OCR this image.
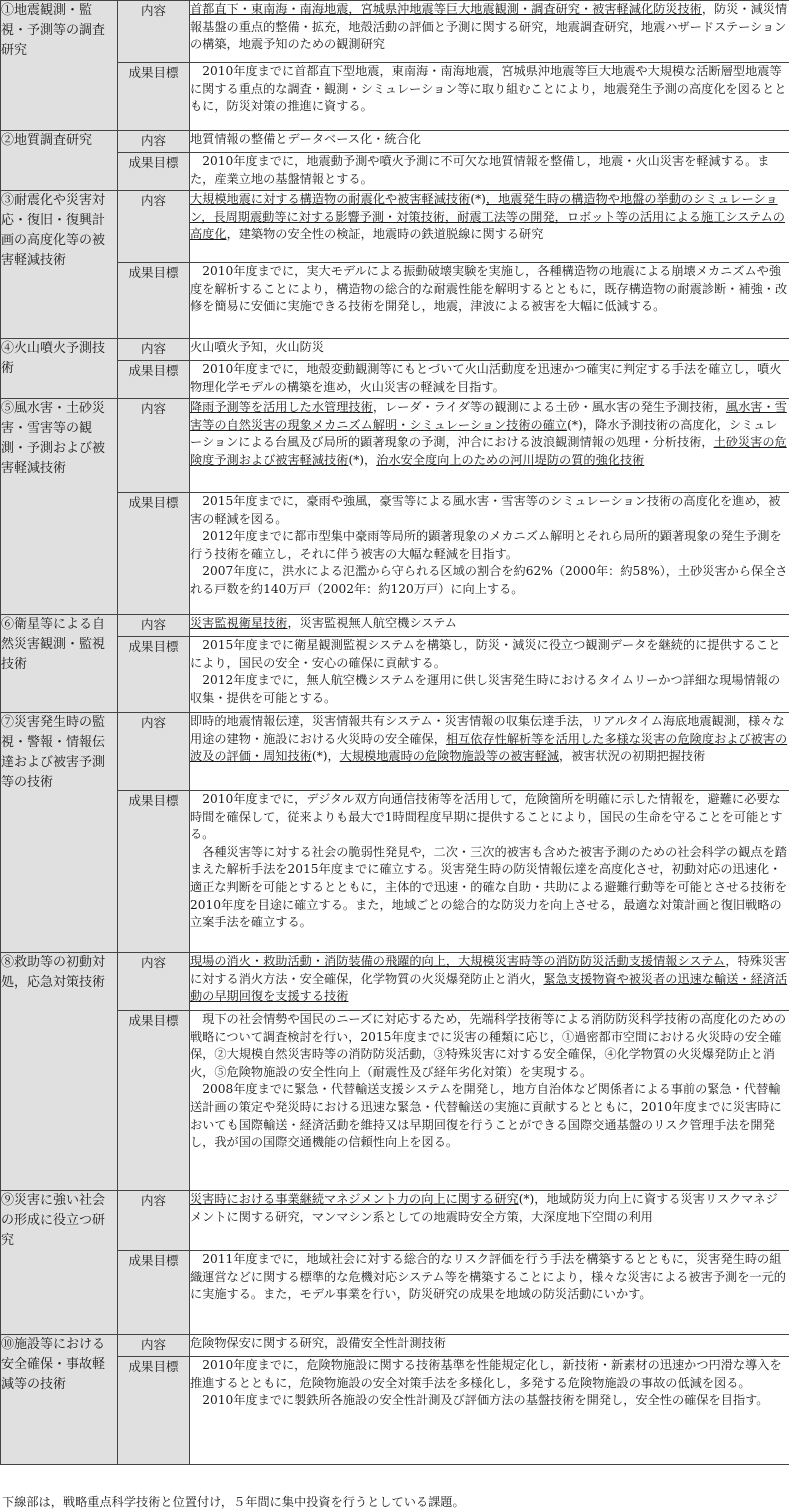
①地震観測・監視・予測等の調査研究	内容	首都直下・東南海・南海地震，宮城県沖地震等巨大地震観測・調査研究・被害軽減化防災技術，防災・減災情報基盤の重点的整備・拡充，地殻活動の評価と予測に関する研究，地震調査研究，地震ハザードステーションの構築，地震予知のための観測研究
	成果目標	2010年度までに首都直下型地震，東南海・南海地震，宮城県沖地震等巨大地震や大規模な活断層型地震等に関する重点的な調査・観測・シミュレーション等に取り組むことにより，地震発生予測の高度化を図るとともに，防災対策の推進に資する。

②地質調査研究	内容	地質情報の整備とデータベース化・統合化
	成果目標	2010年度までに，地震動予測や噴火予測に不可欠な地質情報を整備し，地震・火山災害を軽減する。また，産業立地の基盤情報とする。

③耐震化や災害対応・復旧・復興計画の高度化等の被害軽減技術	内容	大規模地震に対する構造物の耐震化や被害軽減技術(*)，地震発生時の構造物や地盤の挙動のシミュレーション，長周期震動等に対する影響予測・対策技術，耐震工法等の開発，ロボット等の活用による施工システムの高度化，建築物の安全性の検証，地震時の鉄道脱線に関する研究
	成果目標	2010年度までに，実大モデルによる振動破壊実験を実施し，各種構造物の地震による崩壊メカニズムや強度を解析することにより，構造物の総合的な耐震性能を解明するとともに，既存構造物の耐震診断・補強・改修を簡易に安価に実施できる技術を開発し，地震，津波による被害を大幅に低減する。

④火山噴火予測技術	内容	火山噴火予知，火山防災
	成果目標	2010年度までに，地殻変動観測等にもとづいて火山活動度を迅速かつ確実に判定する手法を確立し，噴火物理化学モデルの構築を進め，火山災害の軽減を目指す。

⑤風水害・土砂災害・雪害等の観測・予測および被害軽減技術	内容	降雨予測等を活用した水管理技術，レーダ・ライダ等の観測による土砂・風水害の発生予測技術，風水害・雪害等の自然災害の現象メカニズム解明・シミュレーション技術の確立(*)，降水予測技術の高度化，シミュレーションによる台風及び局所的顕著現象の予測，沖合における波浪観測情報の処理・分析技術，土砂災害の危険度予測および被害軽減技術(*)，治水安全度向上のための河川堤防の質的強化技術
	成果目標	2015年度までに，豪雨や強風，豪雪等による風水害・雪害等のシミュレーション技術の高度化を進め，被害の軽減を図る。

2012年度までに都市型集中豪雨等局所的顕著現象のメカニズム解明とそれら局所的顕著現象の発生予測を行う技術を確立し，それに伴う被害の大幅な軽減を目指す。

2007年度に，洪水による氾濫から守られる区域の割合を約62%（2000年：約58%），土砂災害から保全される戸数を約140万戸（2002年：約120万戸）に向上する。

⑥衛星等による自然災害観測・監視技術	内容	災害監視衛星技術，災害監視無人航空機システム
	成果目標	2015年度までに衛星観測監視システムを構築し，防災・減災に役立つ観測データを継続的に提供することにより，国民の安全・安心の確保に貢献する。

2012年度までに，無人航空機システムを運用に供し災害発生時におけるタイムリーかつ詳細な現場情報の収集・提供を可能とする。

⑦災害発生時の監視・警報・情報伝達および被害予測等の技術	内容	即時的地震情報伝達，災害情報共有システム・災害情報の収集伝達手法，リアルタイム海底地震観測，様々な用途の建物・施設における火災時の安全確保，相互依存性解析等を活用した多様な災害の危険度および被害の波及の評価・周知技術(*)，大規模地震時の危険物施設等の被害軽減，被害状況の初期把握技術
	成果目標	2010年度までに，デジタル双方向通信技術等を活用して，危険箇所を明確に示した情報を，避難に必要な時間を確保して，従来よりも最大で1時間程度早期に提供することにより，国民の生命を守ることを可能とする。

各種災害等に対する社会の脆弱性発見や，二次・三次的被害も含めた被害予測のための社会科学の観点を踏まえた解析手法を2015年度までに確立する。災害発生時の防災情報伝達を高度化させ，初動対応の迅速化・適正な判断を可能とするとともに，主体的で迅速・的確な自助・共助による避難行動等を可能とさせる技術を2010年度を目途に確立する。また，地域ごとの総合的な防災力を向上させる，最適な対策計画と復旧戦略の立案手法を確立する。

⑧救助等の初動対処，応急対策技術	内容	現場の消火・救助活動・消防装備の飛躍的向上，大規模災害時等の消防防災活動支援情報システム，特殊災害に対する消火方法・安全確保，化学物質の火災爆発防止と消火，緊急支援物資や被災者の迅速な輸送・経済活動の早期回復を支援する技術
	成果目標	現下の社会情勢や国民のニーズに対応するため，先端科学技術等による消防防災科学技術の高度化のための戦略について調査検討を行い，2015年度までに災害の種類に応じ，①過密都市空間における火災時の安全確保，②大規模自然災害時等の消防防災活動，③特殊災害に対する安全確保，④化学物質の火災爆発防止と消火，⑤危険物施設の安全性向上（耐震性及び経年劣化対策）を実現する。

2008年度までに緊急・代替輸送支援システムを開発し，地方自治体など関係者による事前の緊急・代替輸送計画の策定や発災時における迅速な緊急・代替輸送の実施に貢献するとともに，2010年度までに災害時においても国際輸送・経済活動を維持又は早期回復を行うことができる国際交通基盤のリスク管理手法を開発し，我が国の国際交通機能の信頼性向上を図る。

⑨災害に強い社会の形成に役立つ研究	内容	災害時における事業継続マネジメント力の向上に関する研究(*)，地域防災力向上に資する災害リスクマネジメントに関する研究，マンマシン系としての地震時安全方策，大深度地下空間の利用
	成果目標	2011年度までに，地域社会に対する総合的なリスク評価を行う手法を構築するとともに，災害発生時の組織運営などに関する標準的な危機対応システム等を構築することにより，様々な災害による被害予測を一元的に実施する。また，モデル事業を行い，防災研究の成果を地域の防災活動にいかす。

⑩施設等における安全確保・事故軽減等の技術	内容	危険物保安に関する研究，設備安全性計測技術
	成果目標	2010年度までに，危険物施設に関する技術基準を性能規定化し，新技術・新素材の迅速かつ円滑な導入を推進するとともに，危険物施設の安全対策手法を多様化し，多発する危険物施設の事故の低減を図る。

2010年度までに製鉄所各施設の安全性計測及び評価方法の基盤技術を開発し，安全性の確保を目指す。

下線部は，戦略重点科学技術と位置付け，５年間に集中投資を行うとしている課題。
